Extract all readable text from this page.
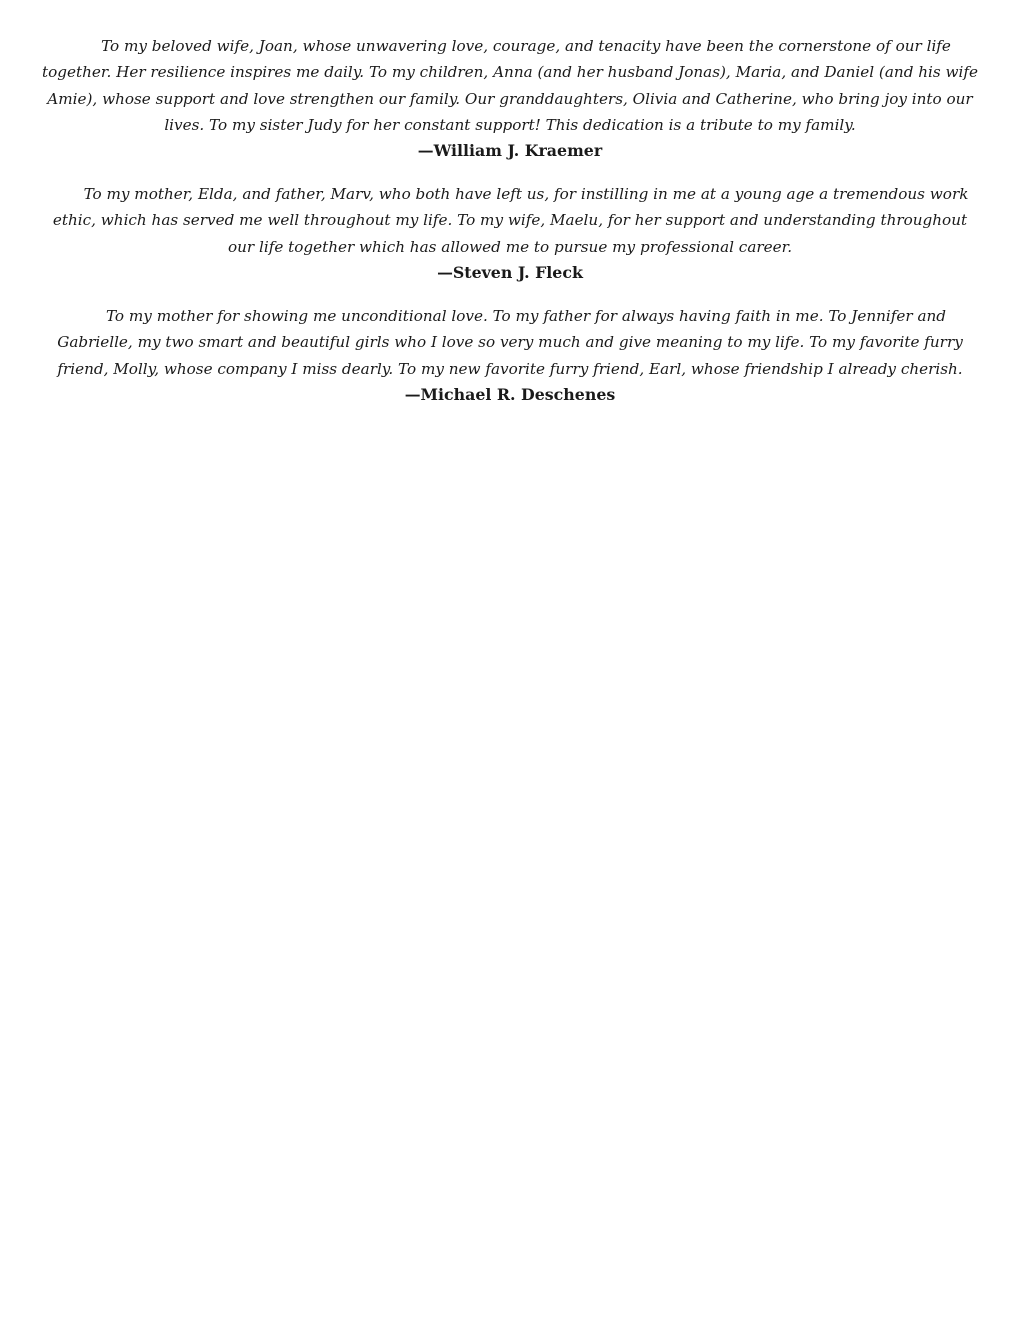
To my beloved wife, Joan, whose unwavering love, courage, and tenacity have been the cornerstone of our life together. Her resilience inspires me daily. To my children, Anna (and her husband Jonas), Maria, and Daniel (and his wife Amie), whose support and love strengthen our family. Our granddaughters, Olivia and Catherine, who bring joy into our lives. To my sister Judy for her constant support! This dedication is a tribute to my family.

—William J. Kraemer

To my mother, Elda, and father, Marv, who both have left us, for instilling in me at a young age a tremendous work ethic, which has served me well throughout my life. To my wife, Maelu, for her support and understanding throughout our life together which has allowed me to pursue my professional career.

—Steven J. Fleck

To my mother for showing me unconditional love. To my father for always having faith in me. To Jennifer and Gabrielle, my two smart and beautiful girls who I love so very much and give meaning to my life. To my favorite furry friend, Molly, whose company I miss dearly. To my new favorite furry friend, Earl, whose friendship I already cherish.

—Michael R. Deschenes
